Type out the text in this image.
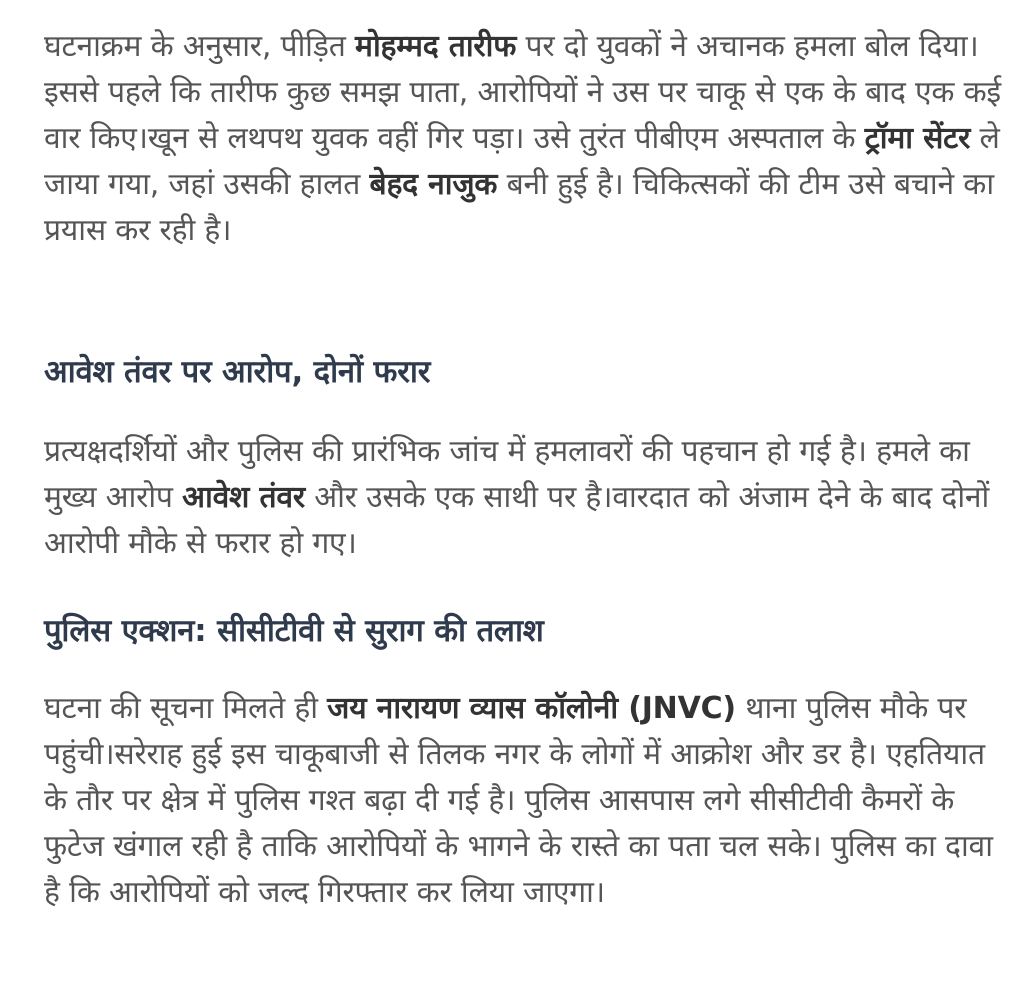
घटनाक्रम के अनुसार, पीड़ित मोहम्मद तारीफ पर दो युवकों ने अचानक हमला बोल दिया। इससे पहले कि तारीफ कुछ समझ पाता, आरोपियों ने उस पर चाकू से एक के बाद एक कई वार किए।खून से लथपथ युवक वहीं गिर पड़ा। उसे तुरंत पीबीएम अस्पताल के ट्रॉमा सेंटर ले जाया गया, जहां उसकी हालत बेहद नाजुक बनी हुई है। चिकित्सकों की टीम उसे बचाने का प्रयास कर रही है।

आवेश तंवर पर आरोप, दोनों फरार

प्रत्यक्षदर्शियों और पुलिस की प्रारंभिक जांच में हमलावरों की पहचान हो गई है। हमले का मुख्य आरोप आवेश तंवर और उसके एक साथी पर है।वारदात को अंजाम देने के बाद दोनों आरोपी मौके से फरार हो गए।

पुलिस एक्शन: सीसीटीवी से सुराग की तलाश

घटना की सूचना मिलते ही जय नारायण व्यास कॉलोनी (JNVC) थाना पुलिस मौके पर पहुंची।सरेराह हुई इस चाकूबाजी से तिलक नगर के लोगों में आक्रोश और डर है। एहतियात के तौर पर क्षेत्र में पुलिस गश्त बढ़ा दी गई है। पुलिस आसपास लगे सीसीटीवी कैमरों के फुटेज खंगाल रही है ताकि आरोपियों के भागने के रास्ते का पता चल सके। पुलिस का दावा है कि आरोपियों को जल्द गिरफ्तार कर लिया जाएगा।
